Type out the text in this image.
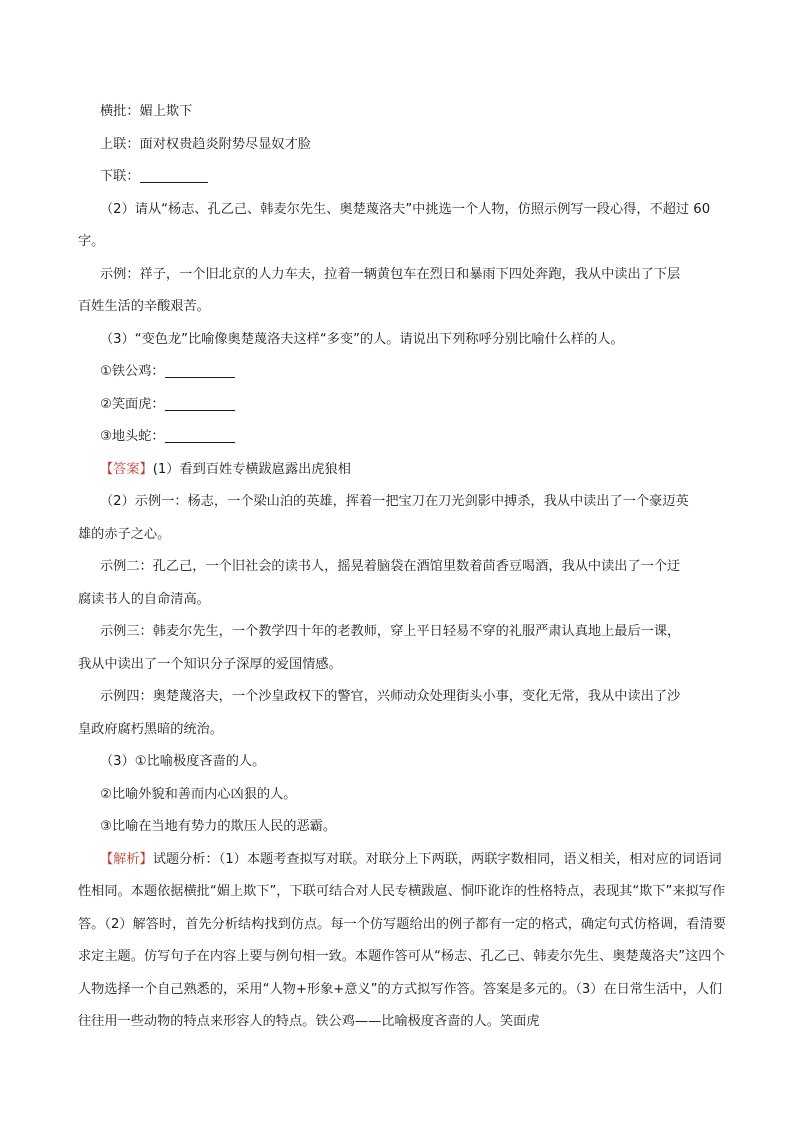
横批：媚上欺下

上联：面对权贵趋炎附势尽显奴才脸

下联：

（2）请从“杨志、孔乙己、韩麦尔先生、奥楚蔑洛夫”中挑选一个人物，仿照示例写一段心得，不超过 60

字。

示例：祥子，一个旧北京的人力车夫，拉着一辆黄包车在烈日和暴雨下四处奔跑，我从中读出了下层

百姓生活的辛酸艰苦。

（3）“变色龙”比喻像奥楚蔑洛夫这样“多变”的人。请说出下列称呼分别比喻什么样的人。

①铁公鸡：

②笑面虎：

③地头蛇：

【答案】(1）看到百姓专横跋扈露出虎狼相

（2）示例一：杨志，一个梁山泊的英雄，挥着一把宝刀在刀光剑影中搏杀，我从中读出了一个豪迈英

雄的赤子之心。

示例二：孔乙己，一个旧社会的读书人，摇晃着脑袋在酒馆里数着茴香豆喝酒，我从中读出了一个迂

腐读书人的自命清高。

示例三：韩麦尔先生，一个教学四十年的老教师，穿上平日轻易不穿的礼服严肃认真地上最后一课，

我从中读出了一个知识分子深厚的爱国情感。

示例四：奥楚蔑洛夫，一个沙皇政权下的警官，兴师动众处理街头小事，变化无常，我从中读出了沙

皇政府腐朽黑暗的统治。

（3）①比喻极度吝啬的人。

②比喻外貌和善而内心凶狠的人。

③比喻在当地有势力的欺压人民的恶霸。

【解析】试题分析：（1）本题考查拟写对联。对联分上下两联，两联字数相同，语义相关，相对应的词语词性相同。本题依据横批“媚上欺下”，下联可结合对人民专横跋扈、恫吓讹诈的性格特点，表现其“欺下”来拟写作答。（2）解答时，首先分析结构找到仿点。每一个仿写题给出的例子都有一定的格式，确定句式仿格调，看清要求定主题。仿写句子在内容上要与例句相一致。本题作答可从“杨志、孔乙己、韩麦尔先生、奥楚蔑洛夫”这四个人物选择一个自己熟悉的，采用“人物+形象+意义”的方式拟写作答。答案是多元的。（3）在日常生活中，人们往往用一些动物的特点来形容人的特点。铁公鸡——比喻极度吝啬的人。笑面虎
